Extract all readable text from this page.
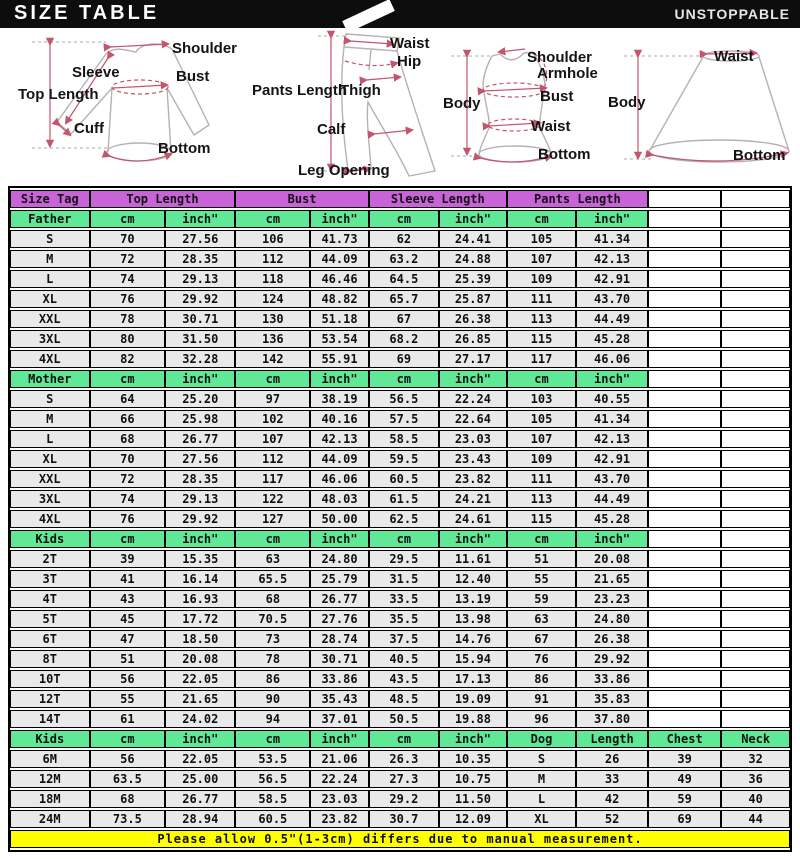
SIZE TABLE	UNSTOPPABLE
Top Length
Sleeve
Shoulder
Bust
Cuff
Bottom
Waist
Hip
Pants Length
Thigh
Calf
Leg Opening
Shoulder
Armhole
Bust
Body
Waist
Bottom
Waist
Body
Bottom
Size Tag	Top Length		Bust		Sleeve Length		Pants Length			
Father	cm	inch"	cm	inch"	cm	inch"	cm	inch"		
S	70	27.56	106	41.73	62	24.41	105	41.34		
M	72	28.35	112	44.09	63.2	24.88	107	42.13		
L	74	29.13	118	46.46	64.5	25.39	109	42.91		
XL	76	29.92	124	48.82	65.7	25.87	111	43.70		
XXL	78	30.71	130	51.18	67	26.38	113	44.49		
3XL	80	31.50	136	53.54	68.2	26.85	115	45.28		
4XL	82	32.28	142	55.91	69	27.17	117	46.06		
Mother	cm	inch"	cm	inch"	cm	inch"	cm	inch"		
S	64	25.20	97	38.19	56.5	22.24	103	40.55		
M	66	25.98	102	40.16	57.5	22.64	105	41.34		
L	68	26.77	107	42.13	58.5	23.03	107	42.13		
XL	70	27.56	112	44.09	59.5	23.43	109	42.91		
XXL	72	28.35	117	46.06	60.5	23.82	111	43.70		
3XL	74	29.13	122	48.03	61.5	24.21	113	44.49		
4XL	76	29.92	127	50.00	62.5	24.61	115	45.28		
Kids	cm	inch"	cm	inch"	cm	inch"	cm	inch"		
2T	39	15.35	63	24.80	29.5	11.61	51	20.08		
3T	41	16.14	65.5	25.79	31.5	12.40	55	21.65		
4T	43	16.93	68	26.77	33.5	13.19	59	23.23		
5T	45	17.72	70.5	27.76	35.5	13.98	63	24.80		
6T	47	18.50	73	28.74	37.5	14.76	67	26.38		
8T	51	20.08	78	30.71	40.5	15.94	76	29.92		
10T	56	22.05	86	33.86	43.5	17.13	86	33.86		
12T	55	21.65	90	35.43	48.5	19.09	91	35.83		
14T	61	24.02	94	37.01	50.5	19.88	96	37.80		
Kids	cm	inch"	cm	inch"	cm	inch"	Dog	Length	Chest	Neck
6M	56	22.05	53.5	21.06	26.3	10.35	S	26	39	32
12M	63.5	25.00	56.5	22.24	27.3	10.75	M	33	49	36
18M	68	26.77	58.5	23.03	29.2	11.50	L	42	59	40
24M	73.5	28.94	60.5	23.82	30.7	12.09	XL	52	69	44
Please allow 0.5"(1-3cm) differs due to manual measurement.										
